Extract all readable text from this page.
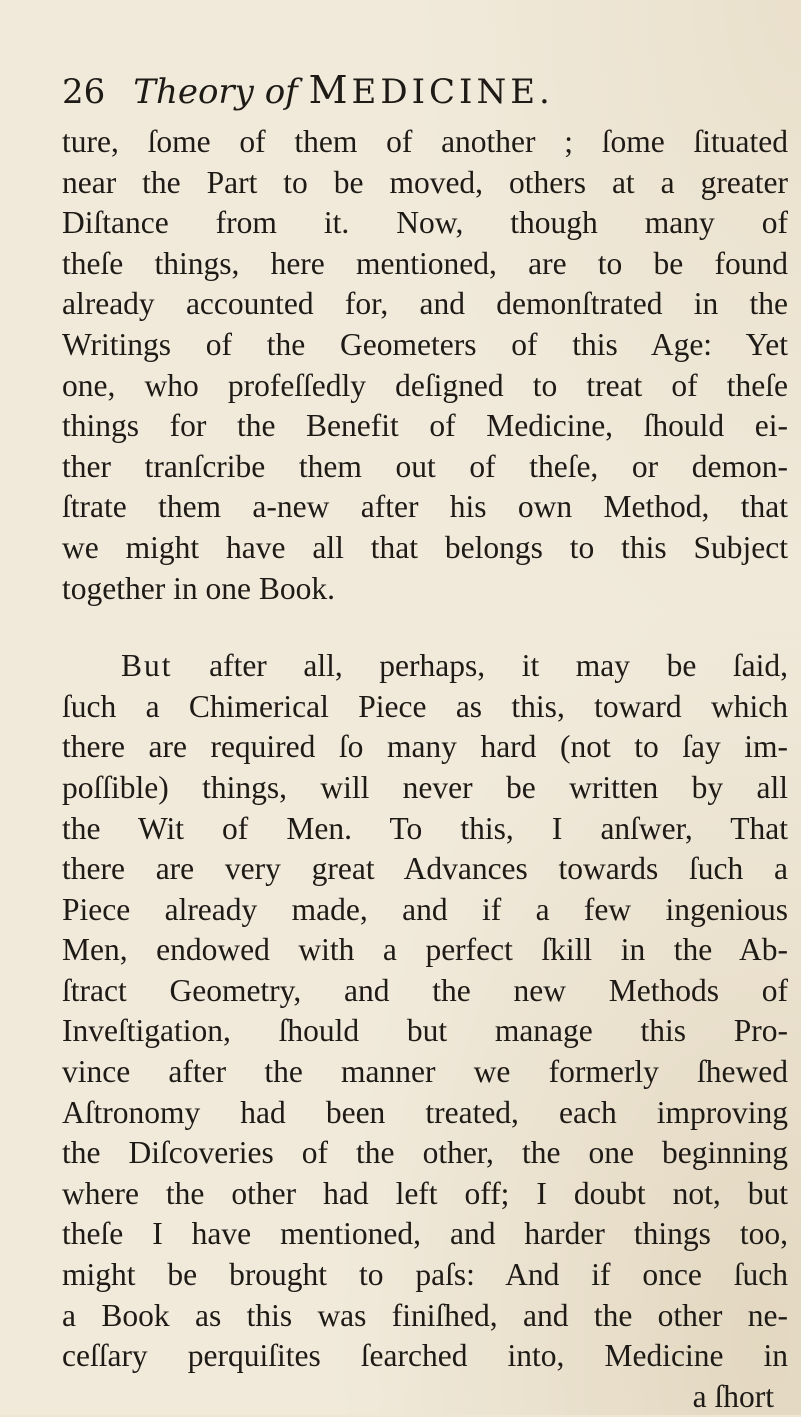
26 Theory of MEDICINE.
ture, ſome of them of another ; ſome ſituated
near the Part to be moved, others at a greater
Diſtance from it. Now, though many of
theſe things, here mentioned, are to be found
already accounted for, and demonſtrated in the
Writings of the Geometers of this Age: Yet
one, who profeſſedly deſigned to treat of theſe
things for the Benefit of Medicine, ſhould ei-
ther tranſcribe them out of theſe, or demon-
ſtrate them a-new after his own Method, that
we might have all that belongs to this Subject
together in one Book.
But after all, perhaps, it may be ſaid,
ſuch a Chimerical Piece as this, toward which
there are required ſo many hard (not to ſay im-
poſſible) things, will never be written by all
the Wit of Men. To this, I anſwer, That
there are very great Advances towards ſuch a
Piece already made, and if a few ingenious
Men, endowed with a perfect ſkill in the Ab-
ſtract Geometry, and the new Methods of
Inveſtigation, ſhould but manage this Pro-
vince after the manner we formerly ſhewed
Aſtronomy had been treated, each improving
the Diſcoveries of the other, the one beginning
where the other had left off; I doubt not, but
theſe I have mentioned, and harder things too,
might be brought to paſs: And if once ſuch
a Book as this was finiſhed, and the other ne-
ceſſary perquiſites ſearched into, Medicine in
a ſhort
